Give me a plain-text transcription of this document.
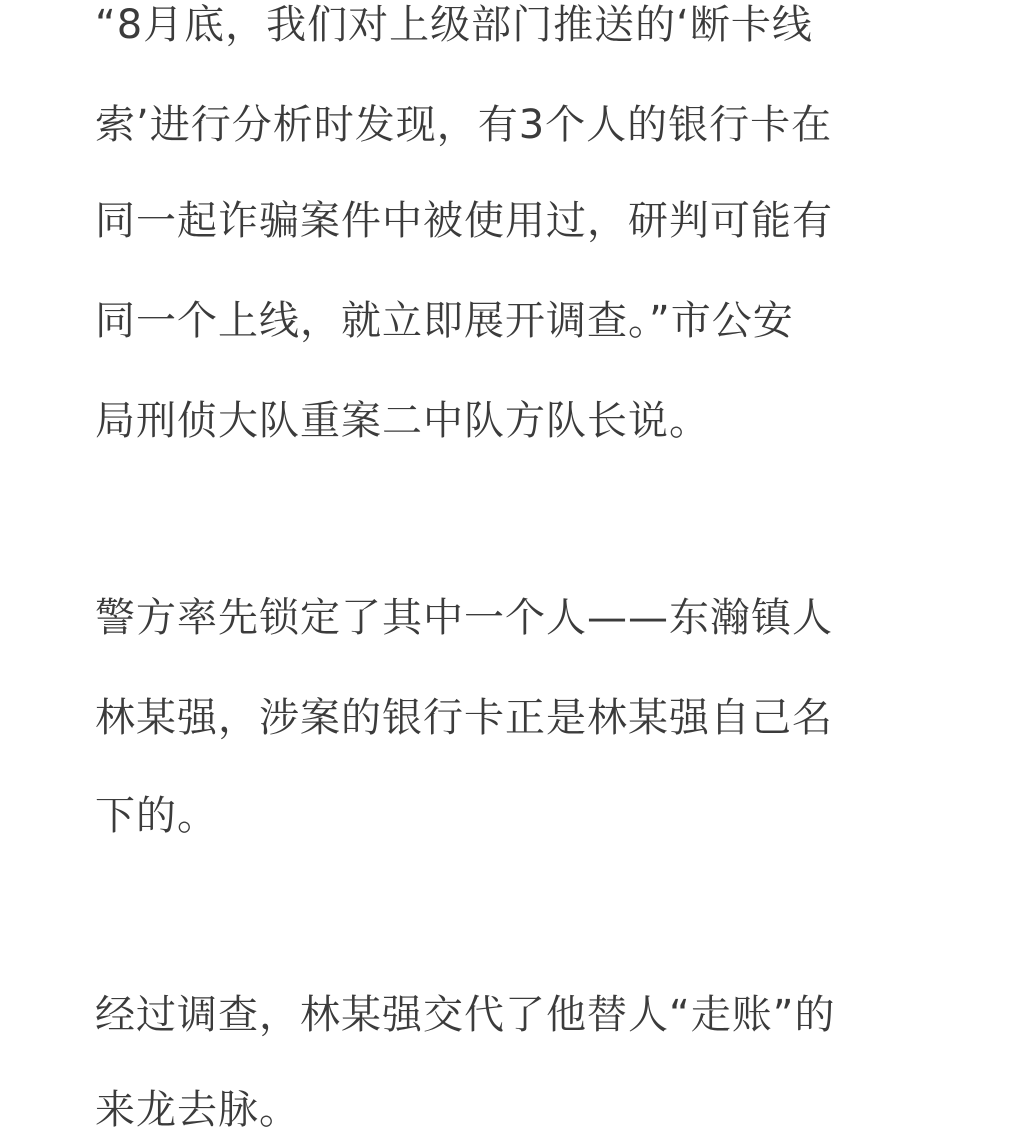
“8月底，我们对上级部门推送的‘断卡线
索’进行分析时发现，有3个人的银行卡在
同一起诈骗案件中被使用过，研判可能有
同一个上线，就立即展开调查。”市公安
局刑侦大队重案二中队方队长说。
警方率先锁定了其中一个人——东瀚镇人
林某强，涉案的银行卡正是林某强自己名
下的。
经过调查，林某强交代了他替人“走账”的
来龙去脉。
